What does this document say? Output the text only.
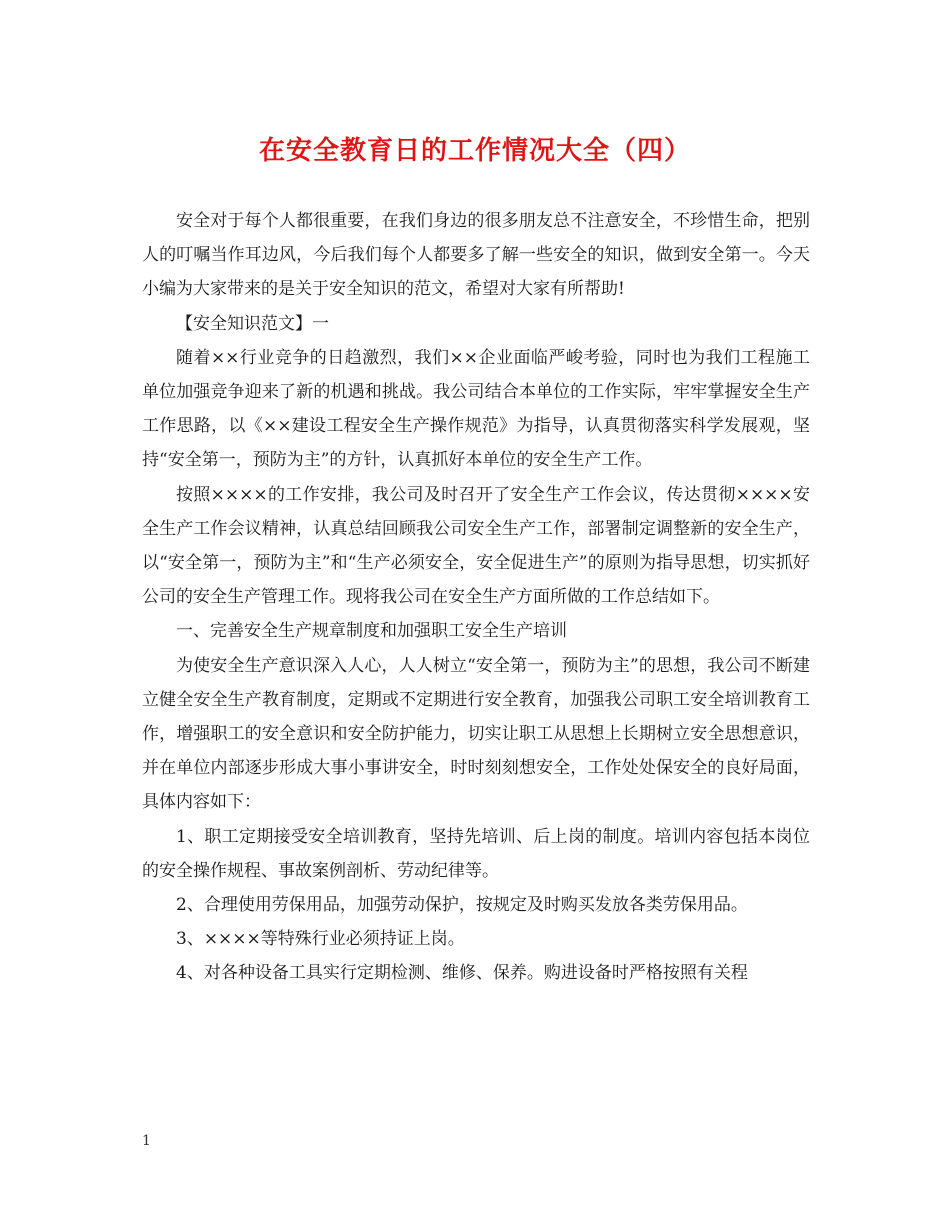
在安全教育日的工作情况大全（四）

安全对于每个人都很重要，在我们身边的很多朋友总不注意安全，不珍惜生命，把别人的叮嘱当作耳边风，今后我们每个人都要多了解一些安全的知识，做到安全第一。今天小编为大家带来的是关于安全知识的范文，希望对大家有所帮助!

【安全知识范文】一

随着××行业竞争的日趋激烈，我们××企业面临严峻考验，同时也为我们工程施工单位加强竞争迎来了新的机遇和挑战。我公司结合本单位的工作实际，牢牢掌握安全生产工作思路，以《××建设工程安全生产操作规范》为指导，认真贯彻落实科学发展观，坚持“安全第一，预防为主”的方针，认真抓好本单位的安全生产工作。

按照××××的工作安排，我公司及时召开了安全生产工作会议，传达贯彻××××安全生产工作会议精神，认真总结回顾我公司安全生产工作，部署制定调整新的安全生产，以“安全第一，预防为主”和“生产必须安全，安全促进生产”的原则为指导思想，切实抓好公司的安全生产管理工作。现将我公司在安全生产方面所做的工作总结如下。

一、完善安全生产规章制度和加强职工安全生产培训

为使安全生产意识深入人心，人人树立“安全第一，预防为主”的思想，我公司不断建立健全安全生产教育制度，定期或不定期进行安全教育，加强我公司职工安全培训教育工作，增强职工的安全意识和安全防护能力，切实让职工从思想上长期树立安全思想意识，并在单位内部逐步形成大事小事讲安全，时时刻刻想安全，工作处处保安全的良好局面，具体内容如下：

1、职工定期接受安全培训教育，坚持先培训、后上岗的制度。培训内容包括本岗位的安全操作规程、事故案例剖析、劳动纪律等。

2、合理使用劳保用品，加强劳动保护，按规定及时购买发放各类劳保用品。

3、××××等特殊行业必须持证上岗。

4、对各种设备工具实行定期检测、维修、保养。购进设备时严格按照有关程

1
